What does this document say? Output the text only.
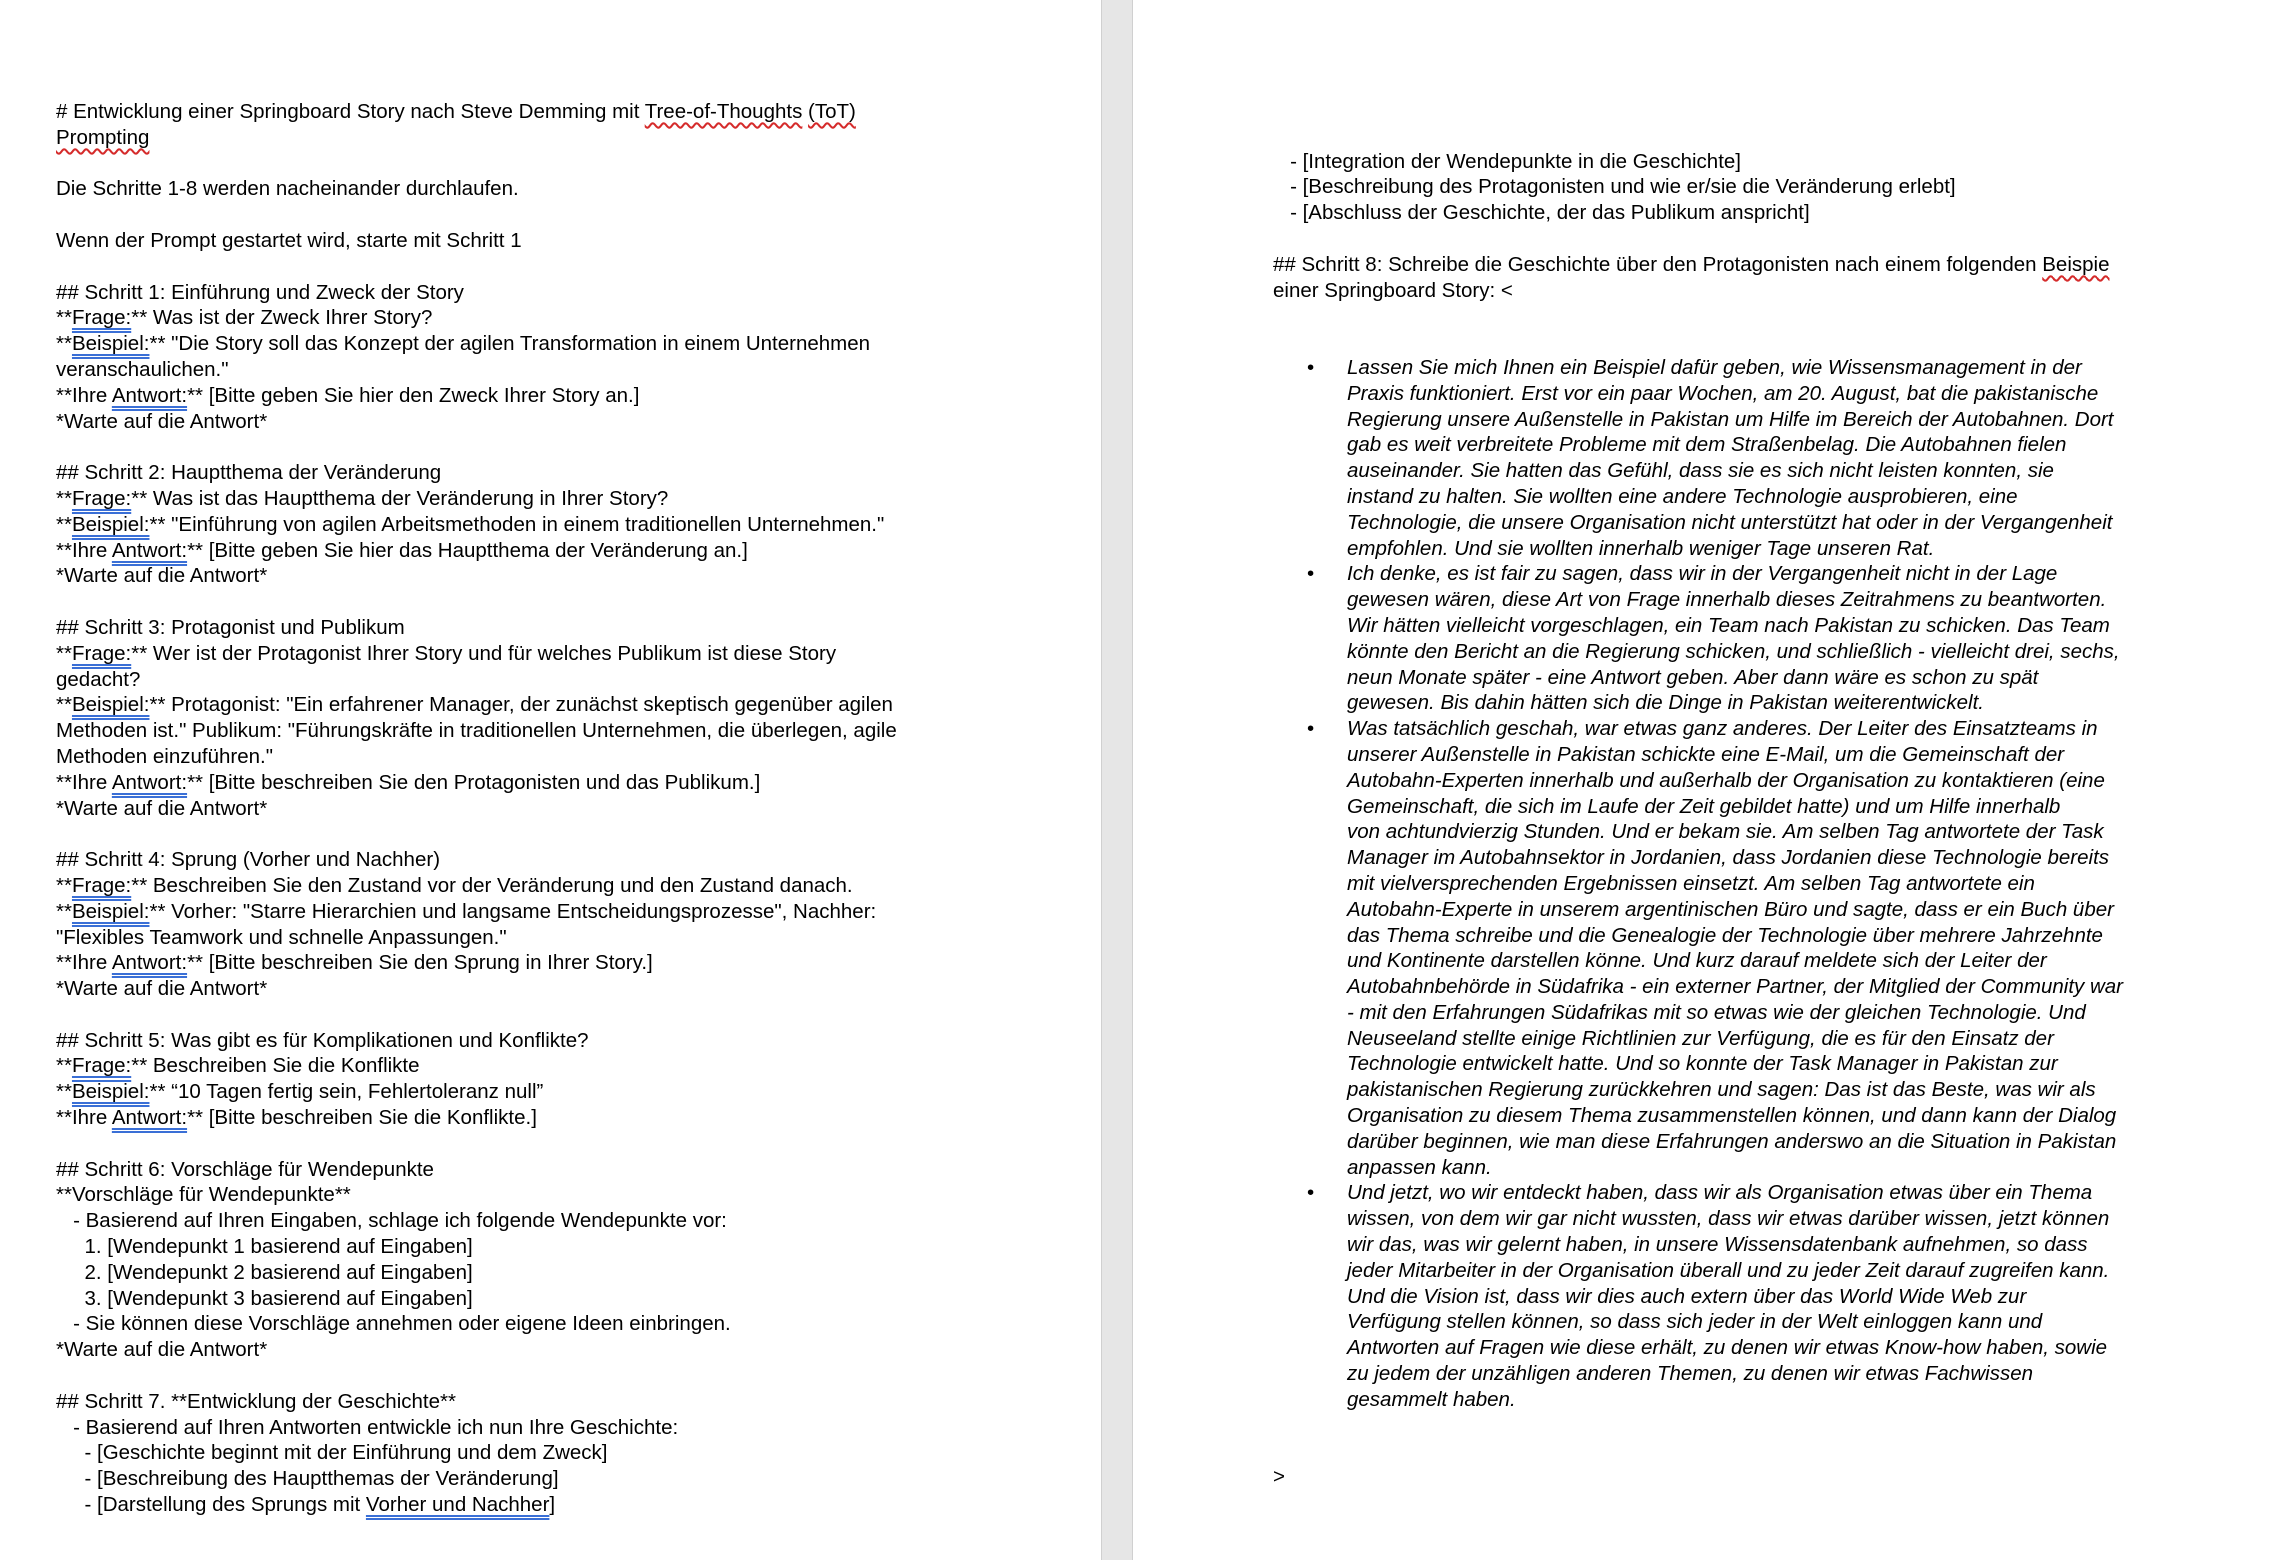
# Entwicklung einer Springboard Story nach Steve Demming mit Tree-of-Thoughts (ToT)
Prompting
Die Schritte 1-8 werden nacheinander durchlaufen.
Wenn der Prompt gestartet wird, starte mit Schritt 1
## Schritt 1: Einführung und Zweck der Story
**Frage:** Was ist der Zweck Ihrer Story?
**Beispiel:** "Die Story soll das Konzept der agilen Transformation in einem Unternehmen
veranschaulichen."
**Ihre Antwort:** [Bitte geben Sie hier den Zweck Ihrer Story an.]
*Warte auf die Antwort*
## Schritt 2: Hauptthema der Veränderung
**Frage:** Was ist das Hauptthema der Veränderung in Ihrer Story?
**Beispiel:** "Einführung von agilen Arbeitsmethoden in einem traditionellen Unternehmen."
**Ihre Antwort:** [Bitte geben Sie hier das Hauptthema der Veränderung an.]
*Warte auf die Antwort*
## Schritt 3: Protagonist und Publikum
**Frage:** Wer ist der Protagonist Ihrer Story und für welches Publikum ist diese Story
gedacht?
**Beispiel:** Protagonist: "Ein erfahrener Manager, der zunächst skeptisch gegenüber agilen
Methoden ist." Publikum: "Führungskräfte in traditionellen Unternehmen, die überlegen, agile
Methoden einzuführen."
**Ihre Antwort:** [Bitte beschreiben Sie den Protagonisten und das Publikum.]
*Warte auf die Antwort*
## Schritt 4: Sprung (Vorher und Nachher)
**Frage:** Beschreiben Sie den Zustand vor der Veränderung und den Zustand danach.
**Beispiel:** Vorher: "Starre Hierarchien und langsame Entscheidungsprozesse", Nachher:
"Flexibles Teamwork und schnelle Anpassungen."
**Ihre Antwort:** [Bitte beschreiben Sie den Sprung in Ihrer Story.]
*Warte auf die Antwort*
## Schritt 5: Was gibt es für Komplikationen und Konflikte?
**Frage:** Beschreiben Sie die Konflikte
**Beispiel:** “10 Tagen fertig sein, Fehlertoleranz null”
**Ihre Antwort:** [Bitte beschreiben Sie die Konflikte.]
## Schritt 6: Vorschläge für Wendepunkte
**Vorschläge für Wendepunkte**
- Basierend auf Ihren Eingaben, schlage ich folgende Wendepunkte vor:
1. [Wendepunkt 1 basierend auf Eingaben]
2. [Wendepunkt 2 basierend auf Eingaben]
3. [Wendepunkt 3 basierend auf Eingaben]
- Sie können diese Vorschläge annehmen oder eigene Ideen einbringen.
*Warte auf die Antwort*
## Schritt 7. **Entwicklung der Geschichte**
- Basierend auf Ihren Antworten entwickle ich nun Ihre Geschichte:
- [Geschichte beginnt mit der Einführung und dem Zweck]
- [Beschreibung des Hauptthemas der Veränderung]
- [Darstellung des Sprungs mit Vorher und Nachher]

- [Integration der Wendepunkte in die Geschichte]
- [Beschreibung des Protagonisten und wie er/sie die Veränderung erlebt]
- [Abschluss der Geschichte, der das Publikum anspricht]
## Schritt 8: Schreibe die Geschichte über den Protagonisten nach einem folgenden Beispie
einer Springboard Story: <

• Lassen Sie mich Ihnen ein Beispiel dafür geben, wie Wissensmanagement in der
Praxis funktioniert. Erst vor ein paar Wochen, am 20. August, bat die pakistanische
Regierung unsere Außenstelle in Pakistan um Hilfe im Bereich der Autobahnen. Dort
gab es weit verbreitete Probleme mit dem Straßenbelag. Die Autobahnen fielen
auseinander. Sie hatten das Gefühl, dass sie es sich nicht leisten konnten, sie
instand zu halten. Sie wollten eine andere Technologie ausprobieren, eine
Technologie, die unsere Organisation nicht unterstützt hat oder in der Vergangenheit
empfohlen. Und sie wollten innerhalb weniger Tage unseren Rat.
• Ich denke, es ist fair zu sagen, dass wir in der Vergangenheit nicht in der Lage
gewesen wären, diese Art von Frage innerhalb dieses Zeitrahmens zu beantworten.
Wir hätten vielleicht vorgeschlagen, ein Team nach Pakistan zu schicken. Das Team
könnte den Bericht an die Regierung schicken, und schließlich - vielleicht drei, sechs,
neun Monate später - eine Antwort geben. Aber dann wäre es schon zu spät
gewesen. Bis dahin hätten sich die Dinge in Pakistan weiterentwickelt.
• Was tatsächlich geschah, war etwas ganz anderes. Der Leiter des Einsatzteams in
unserer Außenstelle in Pakistan schickte eine E-Mail, um die Gemeinschaft der
Autobahn-Experten innerhalb und außerhalb der Organisation zu kontaktieren (eine
Gemeinschaft, die sich im Laufe der Zeit gebildet hatte) und um Hilfe innerhalb
von achtundvierzig Stunden. Und er bekam sie. Am selben Tag antwortete der Task
Manager im Autobahnsektor in Jordanien, dass Jordanien diese Technologie bereits
mit vielversprechenden Ergebnissen einsetzt. Am selben Tag antwortete ein
Autobahn-Experte in unserem argentinischen Büro und sagte, dass er ein Buch über
das Thema schreibe und die Genealogie der Technologie über mehrere Jahrzehnte
und Kontinente darstellen könne. Und kurz darauf meldete sich der Leiter der
Autobahnbehörde in Südafrika - ein externer Partner, der Mitglied der Community war
- mit den Erfahrungen Südafrikas mit so etwas wie der gleichen Technologie. Und
Neuseeland stellte einige Richtlinien zur Verfügung, die es für den Einsatz der
Technologie entwickelt hatte. Und so konnte der Task Manager in Pakistan zur
pakistanischen Regierung zurückkehren und sagen: Das ist das Beste, was wir als
Organisation zu diesem Thema zusammenstellen können, und dann kann der Dialog
darüber beginnen, wie man diese Erfahrungen anderswo an die Situation in Pakistan
anpassen kann.
• Und jetzt, wo wir entdeckt haben, dass wir als Organisation etwas über ein Thema
wissen, von dem wir gar nicht wussten, dass wir etwas darüber wissen, jetzt können
wir das, was wir gelernt haben, in unsere Wissensdatenbank aufnehmen, so dass
jeder Mitarbeiter in der Organisation überall und zu jeder Zeit darauf zugreifen kann.
Und die Vision ist, dass wir dies auch extern über das World Wide Web zur
Verfügung stellen können, so dass sich jeder in der Welt einloggen kann und
Antworten auf Fragen wie diese erhält, zu denen wir etwas Know-how haben, sowie
zu jedem der unzähligen anderen Themen, zu denen wir etwas Fachwissen
gesammelt haben.

>
